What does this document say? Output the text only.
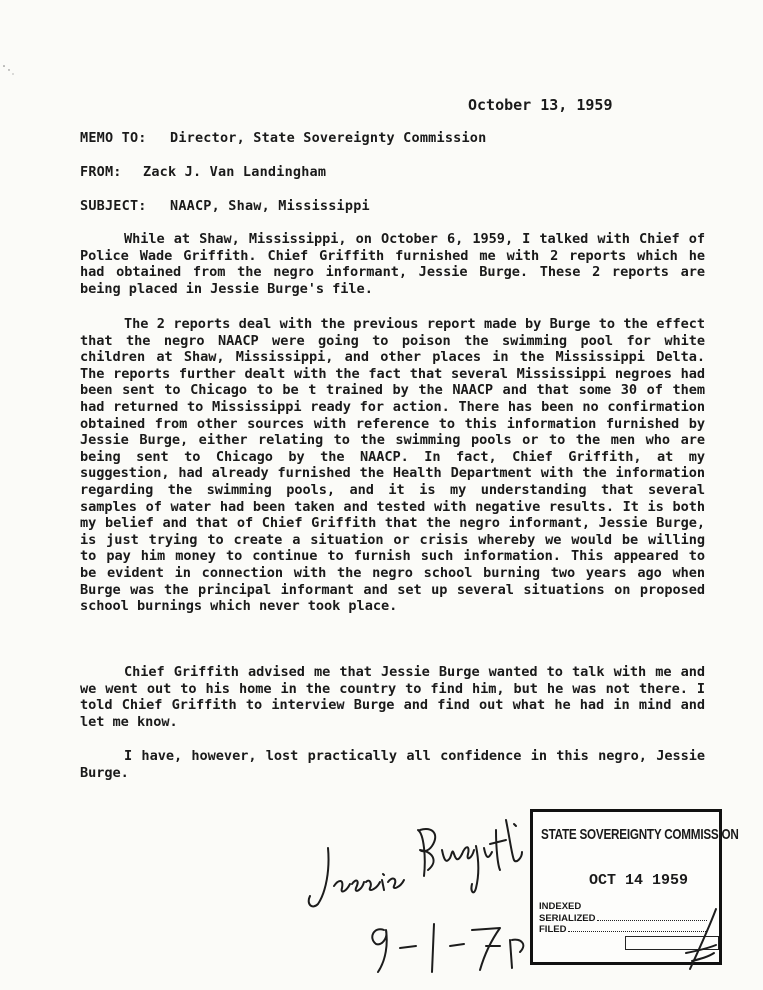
October 13, 1959
MEMO TO: Director, State Sovereignty Commission
FROM: Zack J. Van Landingham
SUBJECT: NAACP, Shaw, Mississippi

While at Shaw, Mississippi, on October 6, 1959, I talked with Chief of Police Wade Griffith. Chief Griffith furnished me with 2 reports which he had obtained from the negro informant, Jessie Burge. These 2 reports are being placed in Jessie Burge's file.

The 2 reports deal with the previous report made by Burge to the effect that the negro NAACP were going to poison the swimming pool for white children at Shaw, Mississippi, and other places in the Mississippi Delta. The reports further dealt with the fact that several Mississippi negroes had been sent to Chicago to be t trained by the NAACP and that some 30 of them had returned to Mississippi ready for action. There has been no confirmation obtained from other sources with reference to this information furnished by Jessie Burge, either relating to the swimming pools or to the men who are being sent to Chicago by the NAACP. In fact, Chief Griffith, at my suggestion, had already furnished the Health Department with the information regarding the swimming pools, and it is my understanding that several samples of water had been taken and tested with negative results. It is both my belief and that of Chief Griffith that the negro informant, Jessie Burge, is just trying to create a situation or crisis whereby we would be willing to pay him money to continue to furnish such information. This appeared to be evident in connection with the negro school burning two years ago when Burge was the principal informant and set up several situations on proposed school burnings which never took place.

Chief Griffith advised me that Jessie Burge wanted to talk with me and we went out to his home in the country to find him, but he was not there. I told Chief Griffith to interview Burge and find out what he had in mind and let me know.

I have, however, lost practically all confidence in this negro, Jessie Burge.

STATE SOVEREIGNTY COMMISSION
OCT 14 1959
INDEXED
SERIALIZED
FILED
